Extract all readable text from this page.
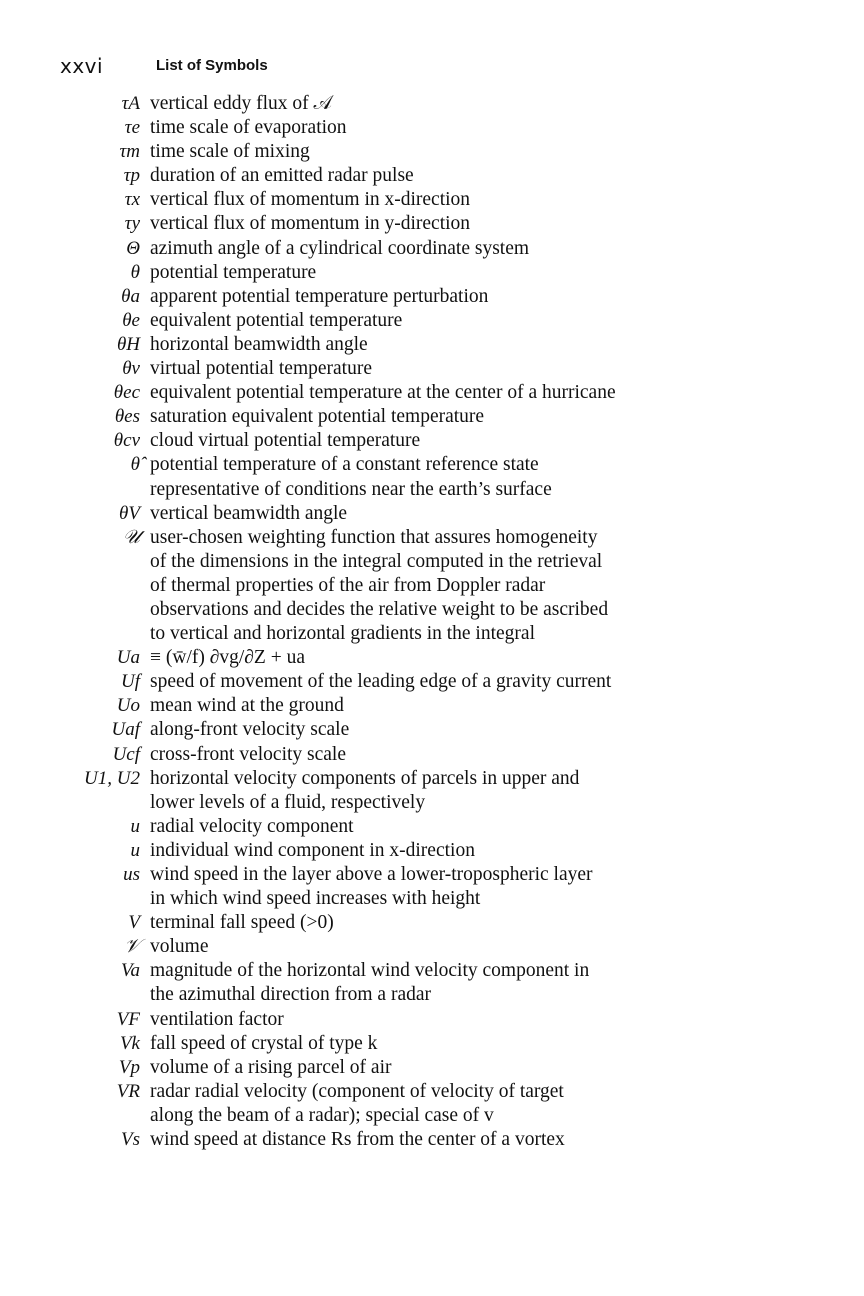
xxvi	List of Symbols
τA vertical eddy flux of 𝒜
τe time scale of evaporation
τm time scale of mixing
τp duration of an emitted radar pulse
τx vertical flux of momentum in x-direction
τy vertical flux of momentum in y-direction
Θ azimuth angle of a cylindrical coordinate system
θ potential temperature
θa apparent potential temperature perturbation
θe equivalent potential temperature
θH horizontal beamwidth angle
θv virtual potential temperature
θec equivalent potential temperature at the center of a hurricane
θes saturation equivalent potential temperature
θcv cloud virtual potential temperature
θ̂ potential temperature of a constant reference state
representative of conditions near the earth’s surface
θV vertical beamwidth angle
𝒰 user-chosen weighting function that assures homogeneity
of the dimensions in the integral computed in the retrieval
of thermal properties of the air from Doppler radar
observations and decides the relative weight to be ascribed
to vertical and horizontal gradients in the integral
Ua ≡ (w̄/f) ∂vg/∂Z + ua
Uf speed of movement of the leading edge of a gravity current
Uo mean wind at the ground
Uaf along-front velocity scale
Ucf cross-front velocity scale
U1, U2 horizontal velocity components of parcels in upper and
lower levels of a fluid, respectively
u radial velocity component
u individual wind component in x-direction
us wind speed in the layer above a lower-tropospheric layer
in which wind speed increases with height
V terminal fall speed (>0)
𝒱 volume
Va magnitude of the horizontal wind velocity component in
the azimuthal direction from a radar
VF ventilation factor
Vk fall speed of crystal of type k
Vp volume of a rising parcel of air
VR radar radial velocity (component of velocity of target
along the beam of a radar); special case of v
Vs wind speed at distance Rs from the center of a vortex
